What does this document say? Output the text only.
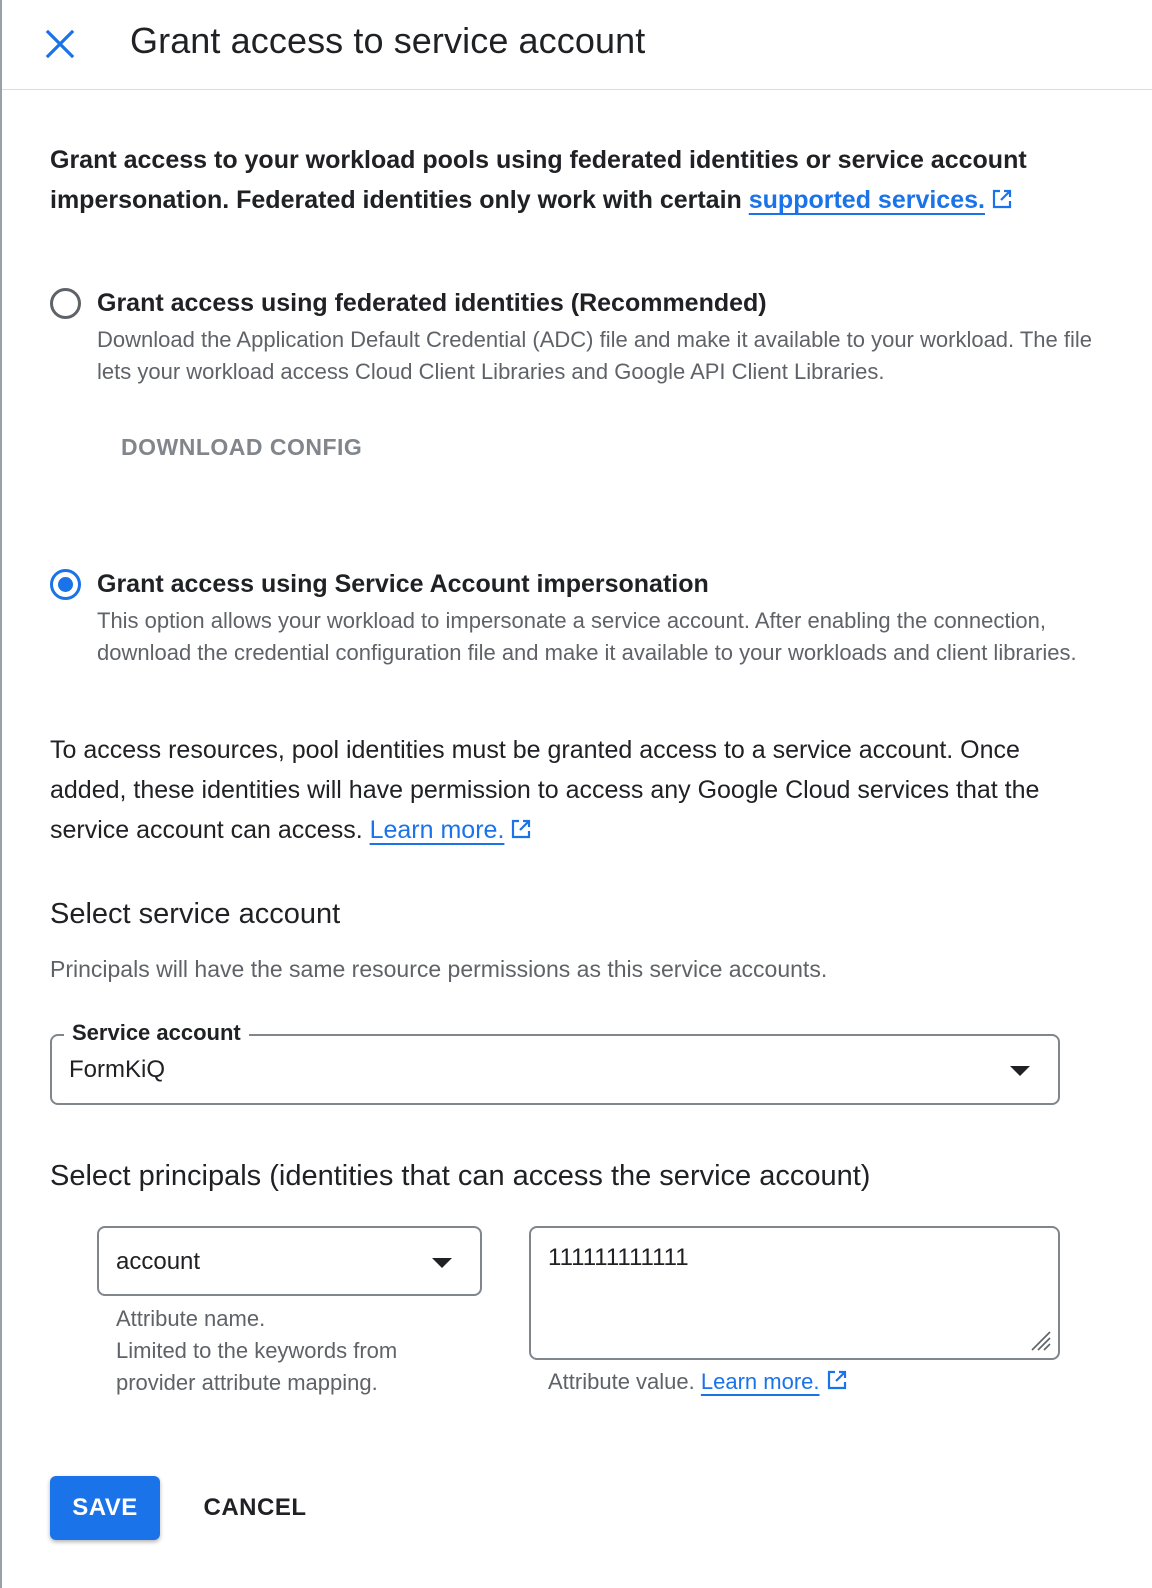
Grant access to service account
Grant access to your workload pools using federated identities or service account impersonation. Federated identities only work with certain supported services.
Grant access using federated identities (Recommended)
Download the Application Default Credential (ADC) file and make it available to your workload. The file lets your workload access Cloud Client Libraries and Google API Client Libraries.
DOWNLOAD CONFIG
Grant access using Service Account impersonation
This option allows your workload to impersonate a service account. After enabling the connection, download the credential configuration file and make it available to your workloads and client libraries.
To access resources, pool identities must be granted access to a service account. Once added, these identities will have permission to access any Google Cloud services that the service account can access. Learn more.
Select service account
Principals will have the same resource permissions as this service accounts.
Service account
FormKiQ
Select principals (identities that can access the service account)
account
Attribute name.
Limited to the keywords from
provider attribute mapping.
111111111111
Attribute value. Learn more.
SAVE	CANCEL
